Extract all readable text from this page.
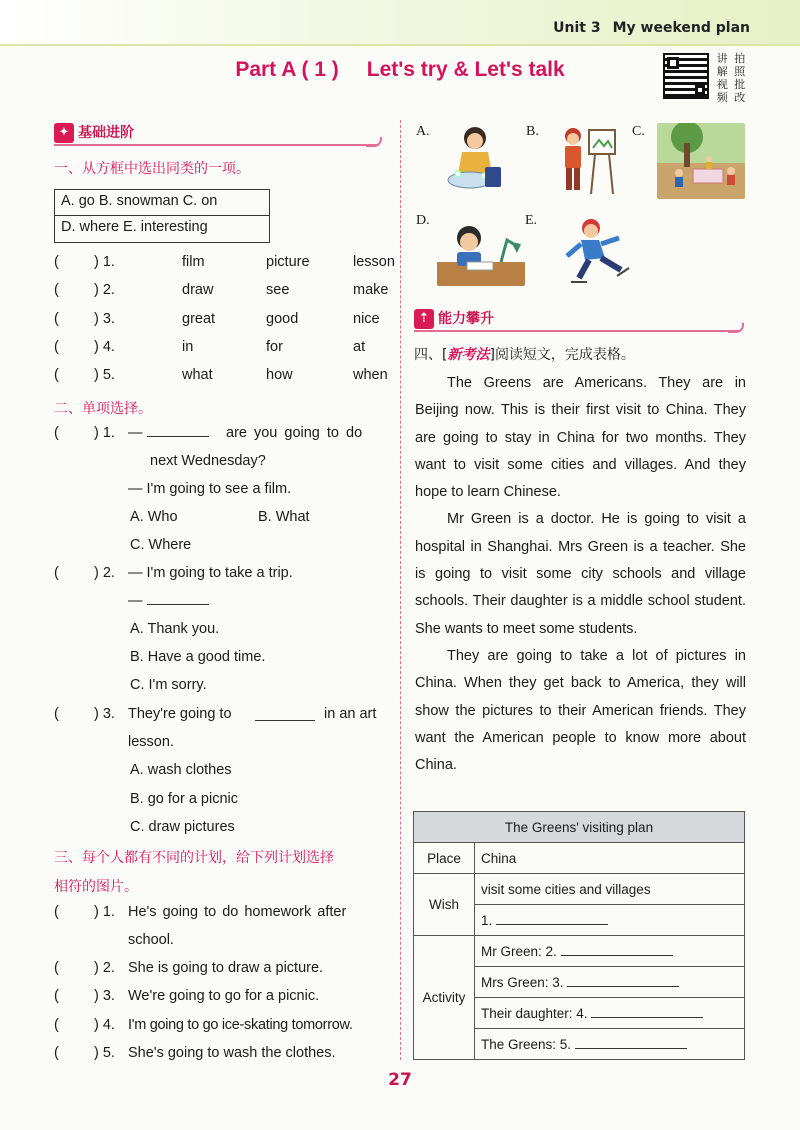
Unit 3 My weekend plan
Part A ( 1 ) Let's try & Let's talk	讲 拍
解 照
视 批
频 改
✦ 基础进阶
一、从方框中选出同类的一项。
A. go B. snowman C. on
D. where E. interesting
( ) 1.	film	picture	lesson
( ) 2.	draw	see	make
( ) 3.	great	good	nice
( ) 4.	in	for	at
( ) 5.	what	how	when
二、单项选择。
( ) 1. —	are you going to do
next Wednesday?
— I'm going to see a film.
A. Who	B. What
C. Where
( ) 2. — I'm going to take a trip.
—
A. Thank you.
B. Have a good time.
C. I'm sorry.
( ) 3. They're going to	in an art
lesson.
A. wash clothes
B. go for a picnic
C. draw pictures
三、每个人都有不同的计划，给下列计划选择
相符的图片。
( ) 1. He's going to do homework after
school.
( ) 2. She is going to draw a picture.
( ) 3. We're going to go for a picnic.
( ) 4. I'm going to go ice-skating tomorrow.
( ) 5. She's going to wash the clothes.
A.	B.	C.
D.	E.
⇡ 能力攀升
四、[新考法]阅读短文，完成表格。

The Greens are Americans. They are in Beijing now. This is their first visit to China. They are going to stay in China for two months. They want to visit some cities and villages. And they hope to learn Chinese.

Mr Green is a doctor. He is going to visit a hospital in Shanghai. Mrs Green is a teacher. She is going to visit some city schools and village schools. Their daughter is a middle school student. She wants to meet some students.

They are going to take a lot of pictures in China. When they get back to America, they will show the pictures to their American friends. They want the American people to know more about China.

The Greens' visiting plan	
Place	China
Wish	visit some cities and villages
	1.
Activity	Mr Green: 2.
	Mrs Green: 3.
	Their daughter: 4.
	The Greens: 5.
27
